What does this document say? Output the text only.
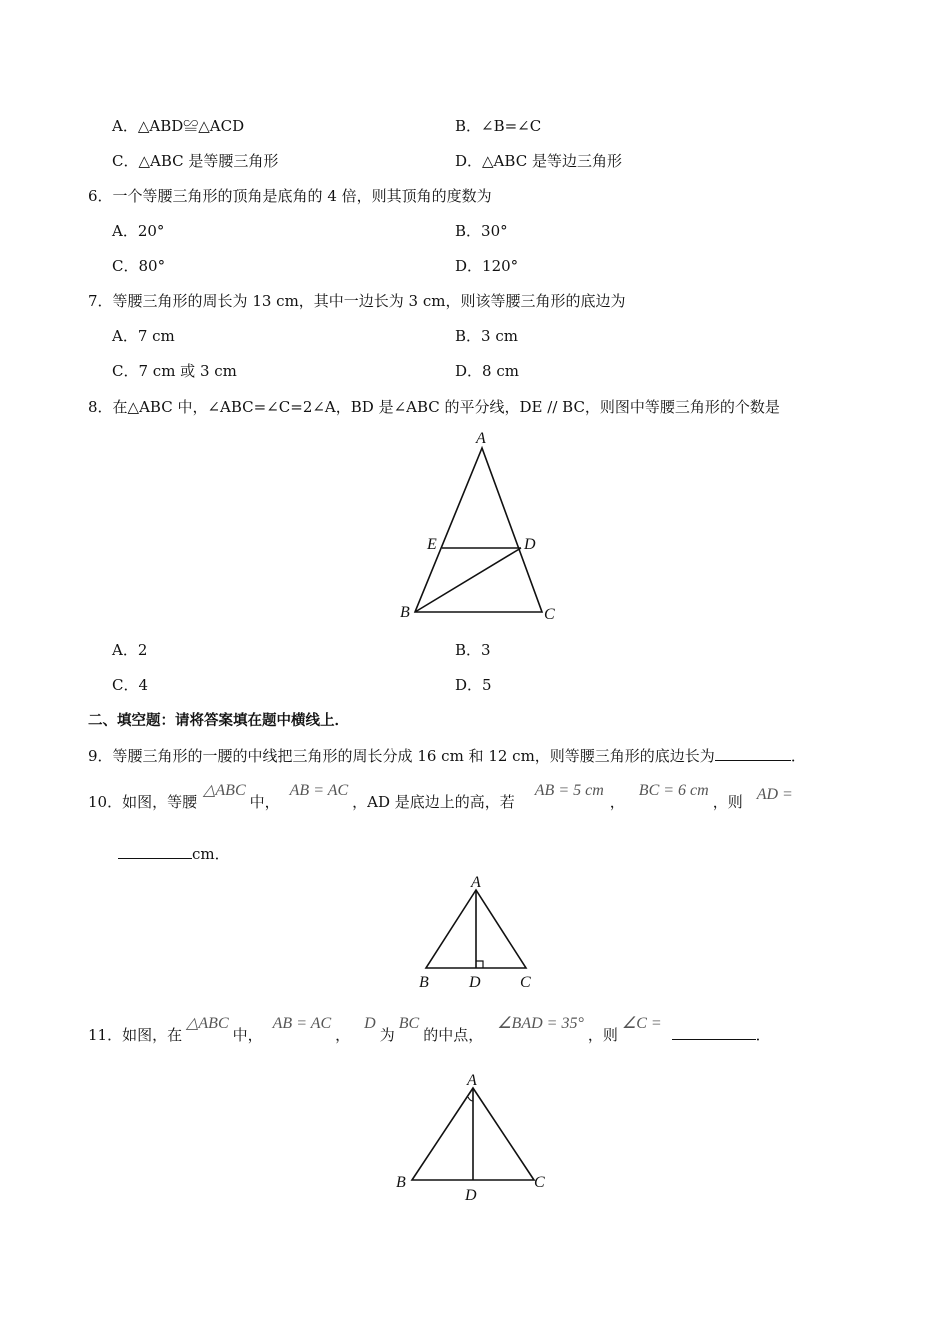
A．△ABD≌△ACD	B．∠B=∠C
C．△ABC 是等腰三角形	D．△ABC 是等边三角形
6．一个等腰三角形的顶角是底角的 4 倍，则其顶角的度数为
A．20°	B．30°
C．80°	D．120°
7．等腰三角形的周长为 13 cm，其中一边长为 3 cm，则该等腰三角形的底边为
A．7 cm	B．3 cm
C．7 cm 或 3 cm	D．8 cm
8．在△ABC 中，∠ABC=∠C=2∠A，BD 是∠ABC 的平分线，DE // BC，则图中等腰三角形的个数是
A
E	D
B	C
A．2	B．3
C．4	D．5
二、填空题：请将答案填在题中横线上．
9．等腰三角形的一腰的中线把三角形的周长分成 16 cm 和 12 cm，则等腰三角形的底边长为	．
10．如图，等腰△ABC中，AB = AC，AD 是底边上的高，若AB = 5 cm，BC = 6 cm，则 AD =
cm．
A
B	D C
11．如图，在△ABC中，AB = AC，D为BC的中点，∠BAD = 35°，则∠C =．
A
B
D
C
